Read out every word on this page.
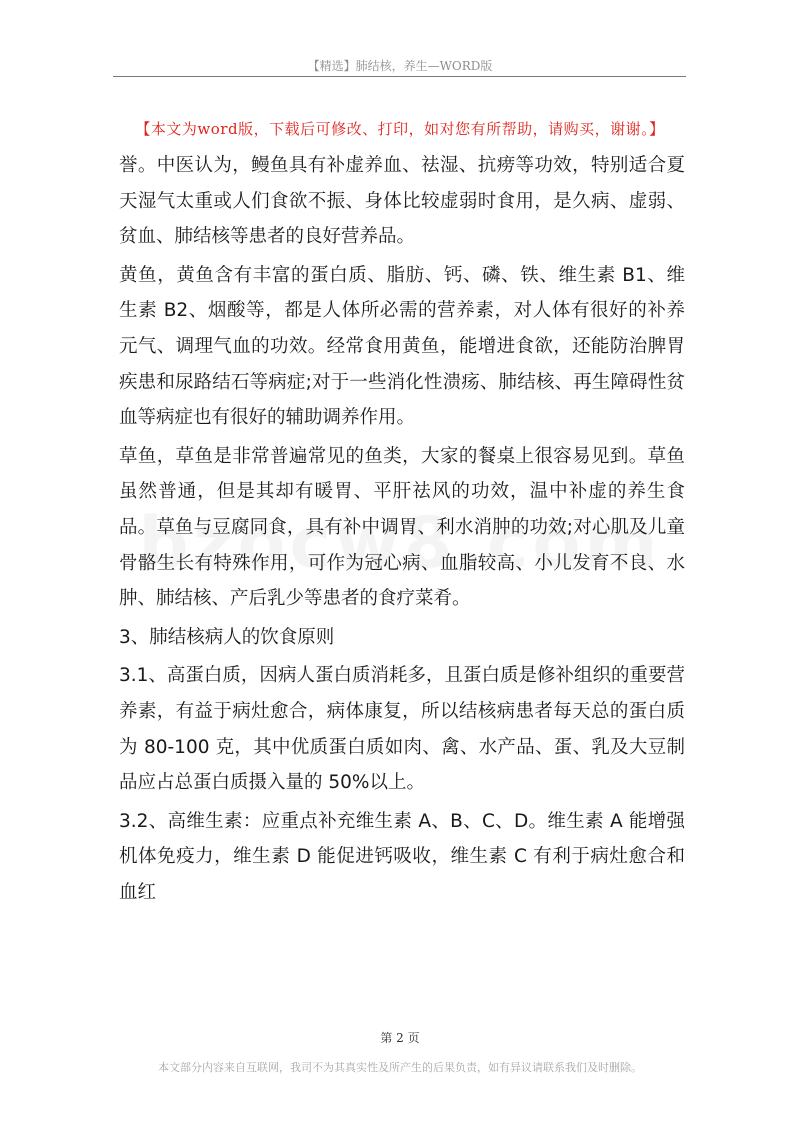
【精选】肺结核，养生—WORD版
【本文为word版，下载后可修改、打印，如对您有所帮助，请购买，谢谢。】

誉。中医认为，鳗鱼具有补虚养血、祛湿、抗痨等功效，特别适合夏天湿气太重或人们食欲不振、身体比较虚弱时食用，是久病、虚弱、贫血、肺结核等患者的良好营养品。

黄鱼，黄鱼含有丰富的蛋白质、脂肪、钙、磷、铁、维生素 B1、维生素 B2、烟酸等，都是人体所必需的营养素，对人体有很好的补养元气、调理气血的功效。经常食用黄鱼，能增进食欲，还能防治脾胃疾患和尿路结石等病症;对于一些消化性溃疡、肺结核、再生障碍性贫血等病症也有很好的辅助调养作用。

草鱼，草鱼是非常普遍常见的鱼类，大家的餐桌上很容易见到。草鱼虽然普通，但是其却有暖胃、平肝祛风的功效，温中补虚的养生食品。草鱼与豆腐同食，具有补中调胃、利水消肿的功效;对心肌及儿童骨骼生长有特殊作用，可作为冠心病、血脂较高、小儿发育不良、水肿、肺结核、产后乳少等患者的食疗菜肴。

3、肺结核病人的饮食原则

3.1、高蛋白质，因病人蛋白质消耗多，且蛋白质是修补组织的重要营养素，有益于病灶愈合，病体康复，所以结核病患者每天总的蛋白质为 80-100 克，其中优质蛋白质如肉、禽、水产品、蛋、乳及大豆制品应占总蛋白质摄入量的 50%以上。

3.2、高维生素：应重点补充维生素 A、B、C、D。维生素 A 能增强机体免疫力，维生素 D 能促进钙吸收，维生素 C 有利于病灶愈合和血红

第 2 页
本文部分内容来自互联网，我司不为其真实性及所产生的后果负责，如有异议请联系我们及时删除。
